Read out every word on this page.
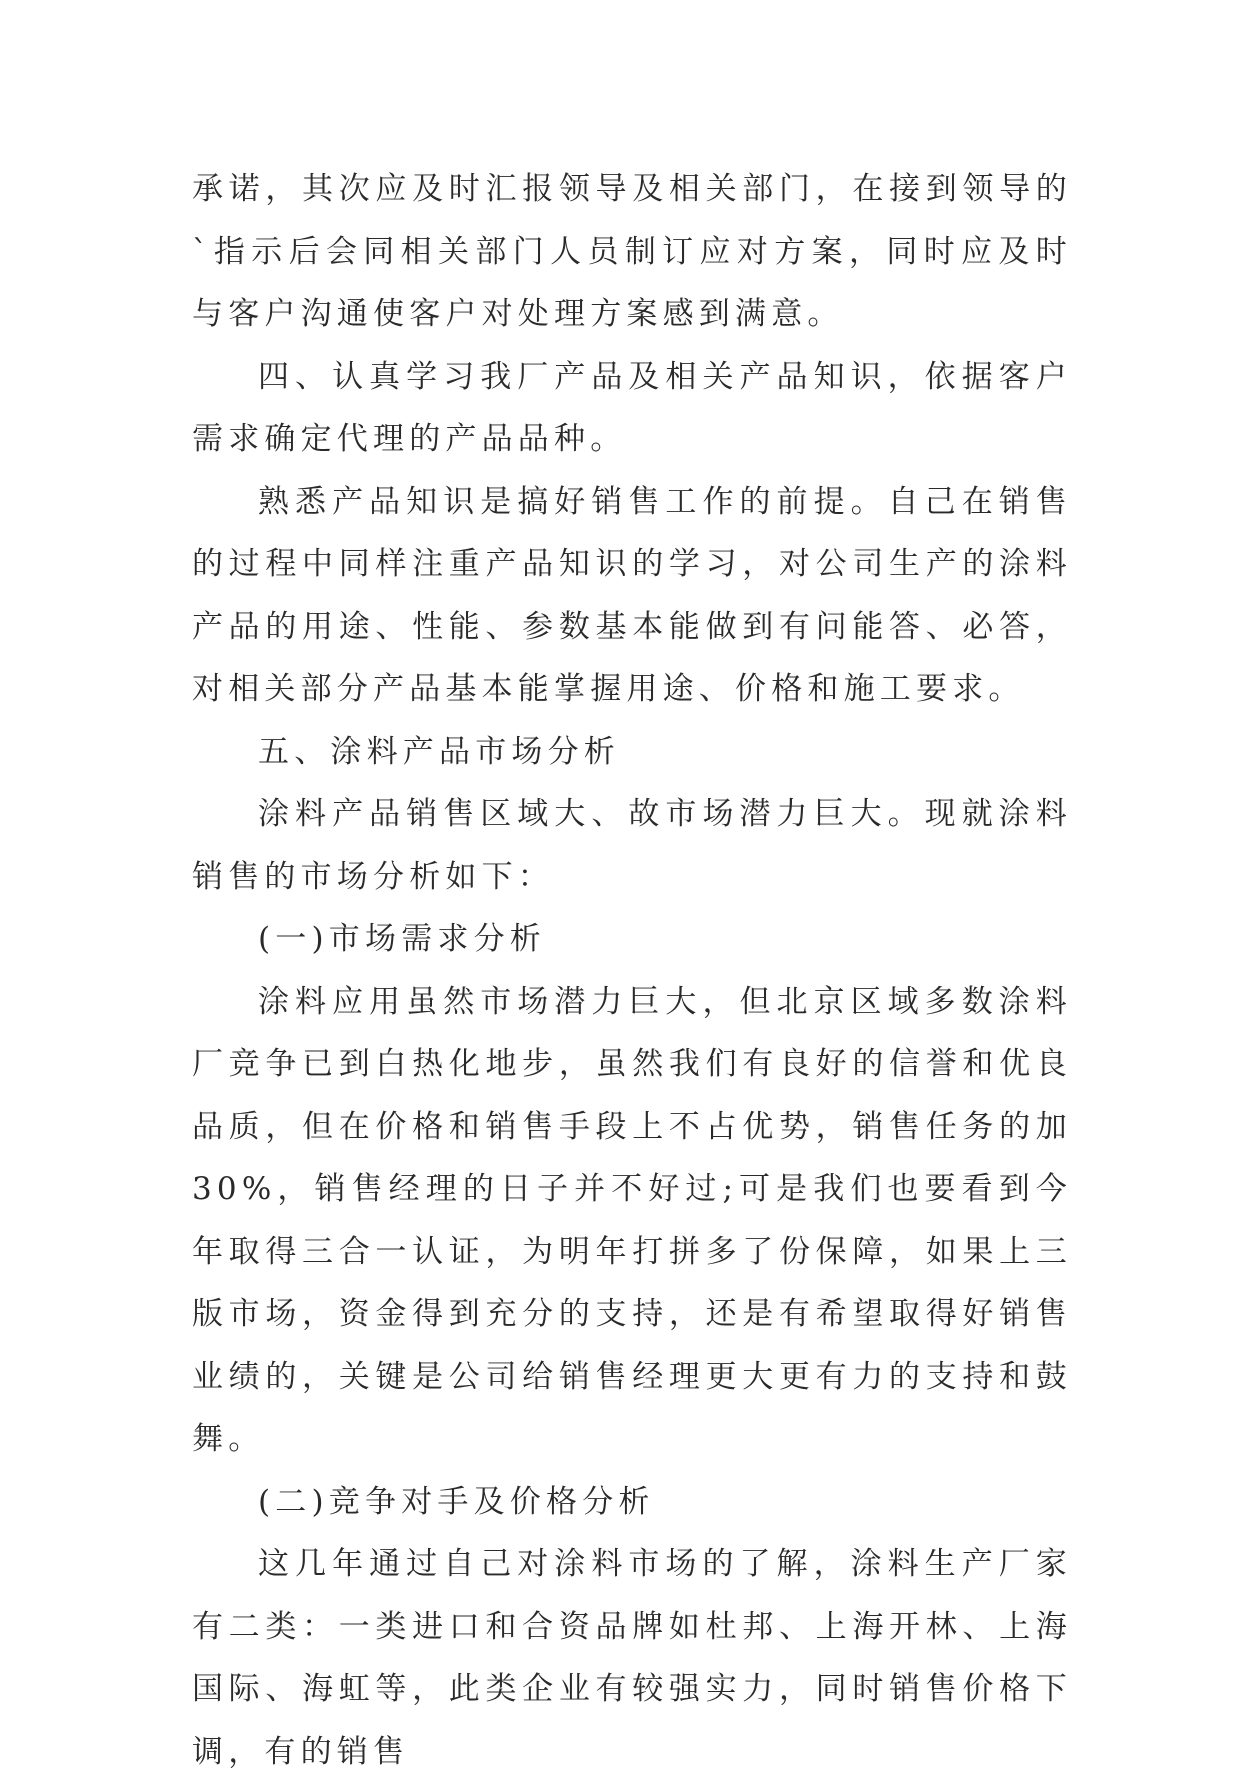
承诺，其次应及时汇报领导及相关部门，在接到领导的`指示后会同相关部门人员制订应对方案，同时应及时与客户沟通使客户对处理方案感到满意。

四、认真学习我厂产品及相关产品知识，依据客户需求确定代理的产品品种。

熟悉产品知识是搞好销售工作的前提。自己在销售的过程中同样注重产品知识的学习，对公司生产的涂料产品的用途、性能、参数基本能做到有问能答、必答，对相关部分产品基本能掌握用途、价格和施工要求。

五、涂料产品市场分析

涂料产品销售区域大、故市场潜力巨大。现就涂料销售的市场分析如下：

(一)市场需求分析

涂料应用虽然市场潜力巨大，但北京区域多数涂料厂竞争已到白热化地步，虽然我们有良好的信誉和优良品质，但在价格和销售手段上不占优势，销售任务的加30%，销售经理的日子并不好过;可是我们也要看到今年取得三合一认证，为明年打拼多了份保障，如果上三版市场，资金得到充分的支持，还是有希望取得好销售业绩的，关键是公司给销售经理更大更有力的支持和鼓舞。

(二)竞争对手及价格分析

这几年通过自己对涂料市场的了解，涂料生产厂家有二类：一类进口和合资品牌如杜邦、上海开林、上海国际、海虹等，此类企业有较强实力，同时销售价格下调，有的销售
